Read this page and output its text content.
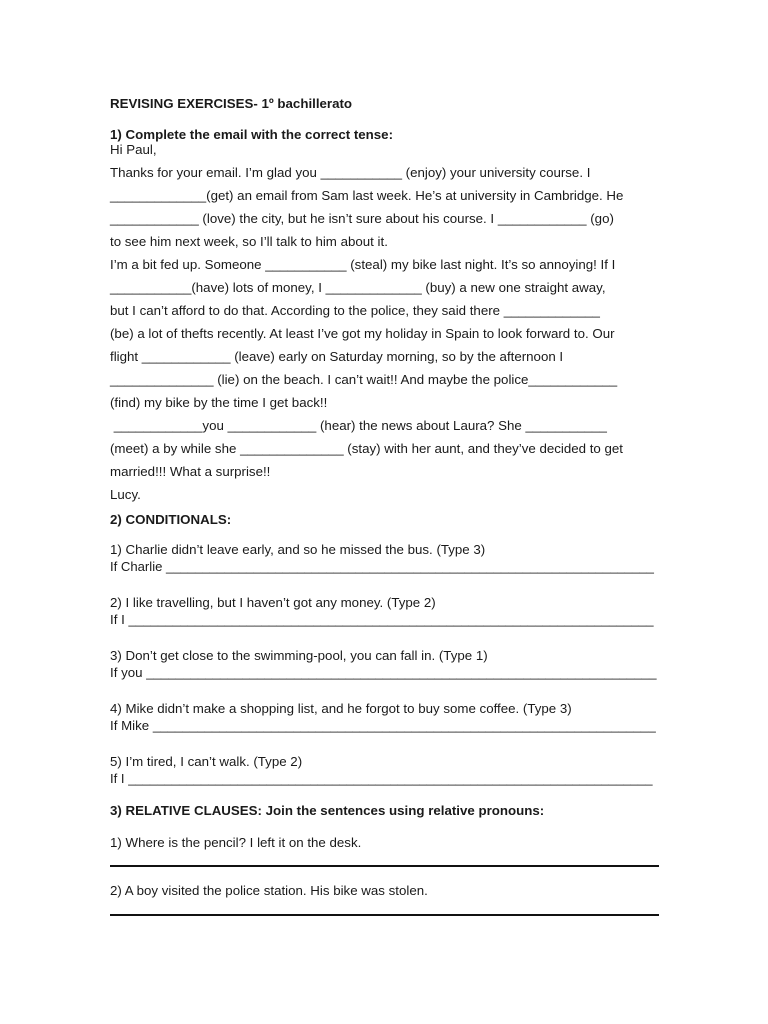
REVISING EXERCISES- 1º bachillerato
1) Complete the email with the correct tense:
Hi Paul,
Thanks for your email. I’m glad you ___________ (enjoy) your university course. I
_____________(get) an email from Sam last week. He’s at university in Cambridge. He
____________ (love) the city, but he isn’t sure about his course. I ____________ (go)
to see him next week, so I’ll talk to him about it.
I’m a bit fed up. Someone ___________ (steal) my bike last night. It’s so annoying! If I
___________(have) lots of money, I _____________ (buy) a new one straight away,
but I can’t afford to do that. According to the police, they said there _____________
(be) a lot of thefts recently. At least I’ve got my holiday in Spain to look forward to. Our
flight ____________ (leave) early on Saturday morning, so by the afternoon I
______________ (lie) on the beach. I can’t wait!! And maybe the police____________
(find) my bike by the time I get back!!
____________you ____________ (hear) the news about Laura? She ___________
(meet) a by while she ______________ (stay) with her aunt, and they’ve decided to get
married!!! What a surprise!!
Lucy.
2) CONDITIONALS:
1) Charlie didn’t leave early, and so he missed the bus. (Type 3)
If Charlie ___________________________________________________________________
2) I like travelling, but I haven’t got any money. (Type 2)
If I _______________________________________________________________________
3) Don’t get close to the swimming-pool, you can fall in. (Type 1)
If you _____________________________________________________________________
4) Mike didn’t make a shopping list, and he forgot to buy some coffee. (Type 3)
If Mike ____________________________________________________________________
5) I’m tired, I can’t walk. (Type 2)
If I ________________________________________________________________________
3) RELATIVE CLAUSES: Join the sentences using relative pronouns:
1) Where is the pencil? I left it on the desk.
2) A boy visited the police station. His bike was stolen.
